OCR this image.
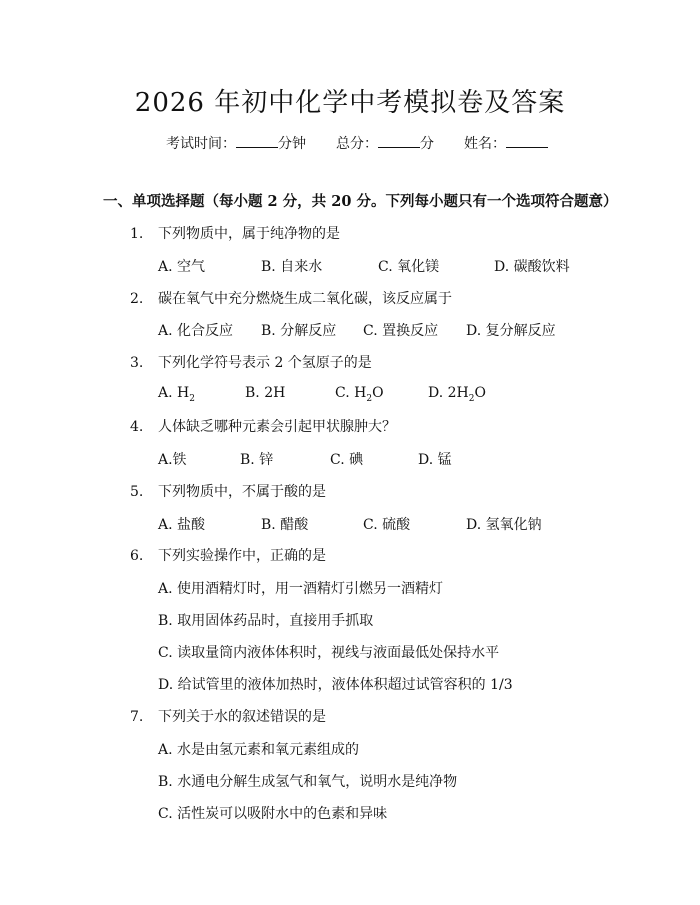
2026 年初中化学中考模拟卷及答案
考试时间：	分钟 总分：	分 姓名：
一、单项选择题（每小题 2 分，共 20 分。下列每小题只有一个选项符合题意）
1. 下列物质中，属于纯净物的是
A. 空气	B. 自来水	C. 氧化镁	D. 碳酸饮料
2. 碳在氧气中充分燃烧生成二氧化碳，该反应属于
A. 化合反应 B. 分解反应 C. 置换反应 D. 复分解反应
3. 下列化学符号表示 2 个氢原子的是
A. $H_2$	B. 2H	C. $H_2O$	D. $2H_2O$
4. 人体缺乏哪种元素会引起甲状腺肿大？
A.铁	B. 锌	C. 碘	D. 锰
5. 下列物质中，不属于酸的是
A. 盐酸	B. 醋酸	C. 硫酸	D. 氢氧化钠
6. 下列实验操作中，正确的是
A. 使用酒精灯时，用一酒精灯引燃另一酒精灯
B. 取用固体药品时，直接用手抓取
C. 读取量筒内液体体积时，视线与液面最低处保持水平
D. 给试管里的液体加热时，液体体积超过试管容积的 1/3
7. 下列关于水的叙述错误的是
A. 水是由氢元素和氧元素组成的
B. 水通电分解生成氢气和氧气，说明水是纯净物
C. 活性炭可以吸附水中的色素和异味
